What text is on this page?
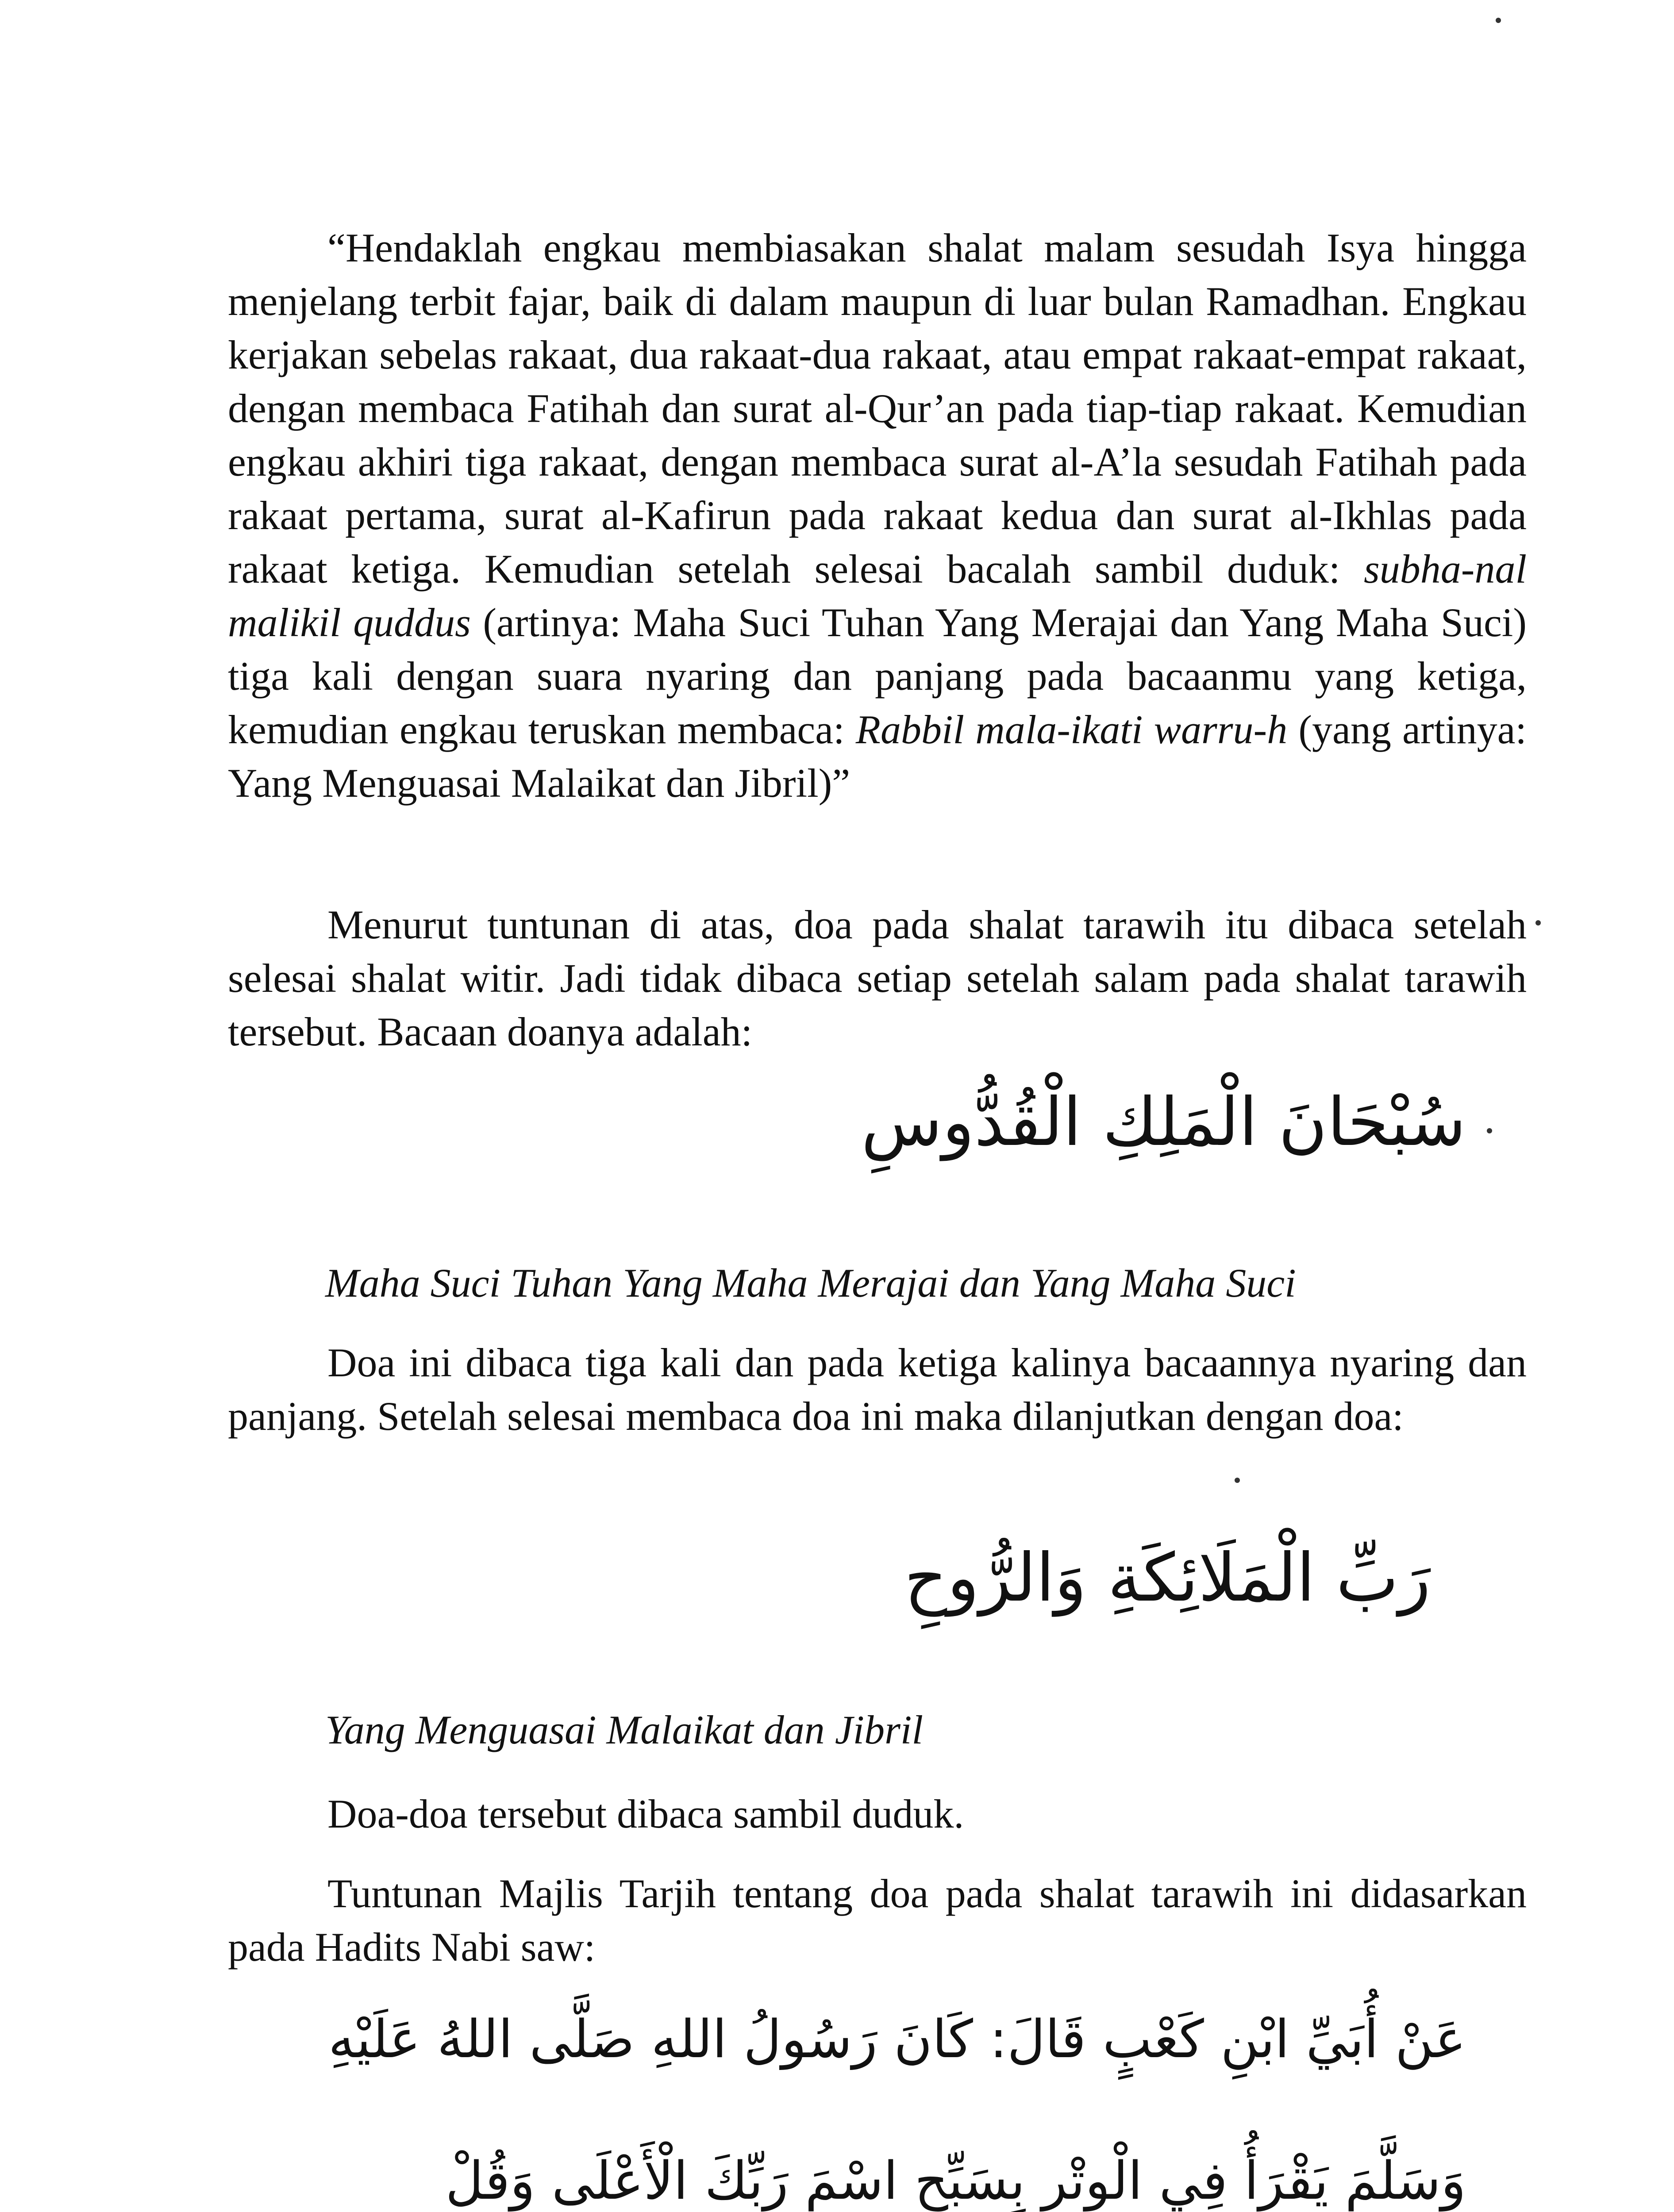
“Hendaklah engkau membiasakan shalat malam sesudah Isya hingga menjelang terbit fajar, baik di dalam maupun di luar bulan Ramadhan. Engkau kerjakan sebelas rakaat, dua rakaat-dua rakaat, atau empat rakaat-empat rakaat, dengan membaca Fatihah dan surat al-Qur’an pada tiap-tiap rakaat. Kemudian engkau akhiri tiga rakaat, dengan membaca surat al-A’la sesudah Fatihah pada rakaat pertama, surat al-Kafirun pada rakaat kedua dan surat al-Ikhlas pada rakaat ketiga. Kemudian setelah selesai bacalah sambil duduk: subha-nal malikil quddus (artinya: Maha Suci Tuhan Yang Merajai dan Yang Maha Suci) tiga kali dengan suara nyaring dan panjang pada bacaanmu yang ketiga, kemudian engkau teruskan membaca: Rabbil mala-ikati warru-h (yang artinya: Yang Menguasai Malaikat dan Jibril)”
Menurut tuntunan di atas, doa pada shalat tarawih itu dibaca setelah selesai shalat witir. Jadi tidak dibaca setiap setelah salam pada shalat tarawih tersebut. Bacaan doanya adalah:
سُبْحَانَ الْمَلِكِ الْقُدُّوسِ
Maha Suci Tuhan Yang Maha Merajai dan Yang Maha Suci
Doa ini dibaca tiga kali dan pada ketiga kalinya bacaannya nyaring dan panjang. Setelah selesai membaca doa ini maka dilanjutkan dengan doa:
رَبِّ الْمَلَائِكَةِ وَالرُّوحِ
Yang Menguasai Malaikat dan Jibril
Doa-doa tersebut dibaca sambil duduk.
Tuntunan Majlis Tarjih tentang doa pada shalat tarawih ini didasarkan pada Hadits Nabi saw:
عَنْ أُبَيِّ ابْنِ كَعْبٍ قَالَ: كَانَ رَسُولُ اللهِ صَلَّى اللهُ عَلَيْهِ
وَسَلَّمَ يَقْرَأُ فِي الْوِتْرِ بِسَبِّحِ اسْمَ رَبِّكَ الْأَعْلَى وَقُلْ
